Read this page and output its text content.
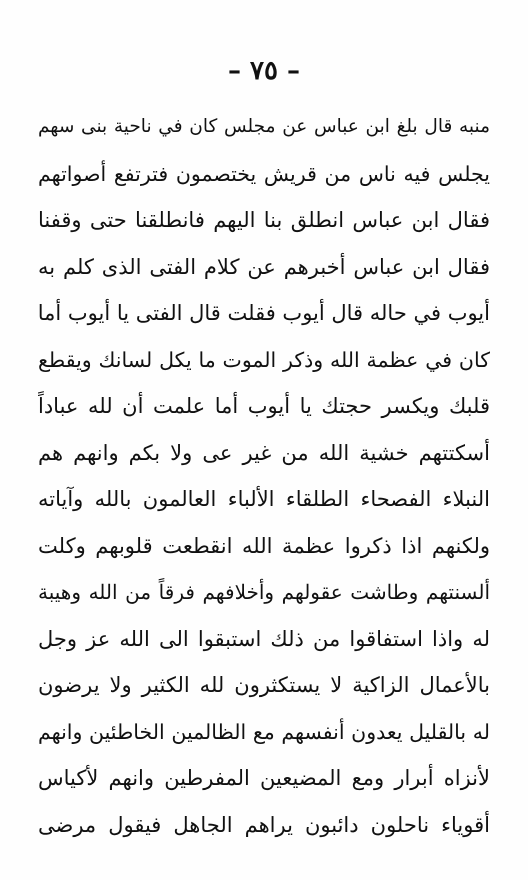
– ٧٥ –
منبه قال بلغ ابن عباس عن مجلس كان في ناحية بنى سهم
يجلس فيه ناس من قريش يختصمون فترتفع أصواتهم
فقال ابن عباس انطلق بنا اليهم فانطلقنا حتى وقفنا
فقال ابن عباس أخبرهم عن كلام الفتى الذى كلم به
أيوب في حاله قال أيوب فقلت قال الفتى يا أيوب أما
كان في عظمة الله وذكر الموت ما يكل لسانك ويقطع
قلبك ويكسر حجتك يا أيوب أما علمت أن لله عباداً
أسكتتهم خشية الله من غير عى ولا بكم وانهم هم
النبلاء الفصحاء الطلقاء الألباء العالمون بالله وآياته
ولكنهم اذا ذكروا عظمة الله انقطعت قلوبهم وكلت
ألسنتهم وطاشت عقولهم وأخلافهم فرقاً من الله وهيبة
له واذا استفاقوا من ذلك استبقوا الى الله عز وجل
بالأعمال الزاكية لا يستكثرون لله الكثير ولا يرضون
له بالقليل يعدون أنفسهم مع الظالمين الخاطئين وانهم
لأنزاه أبرار ومع المضيعين المفرطين وانهم لأكياس
أقوياء ناحلون دائبون يراهم الجاهل فيقول مرضى
